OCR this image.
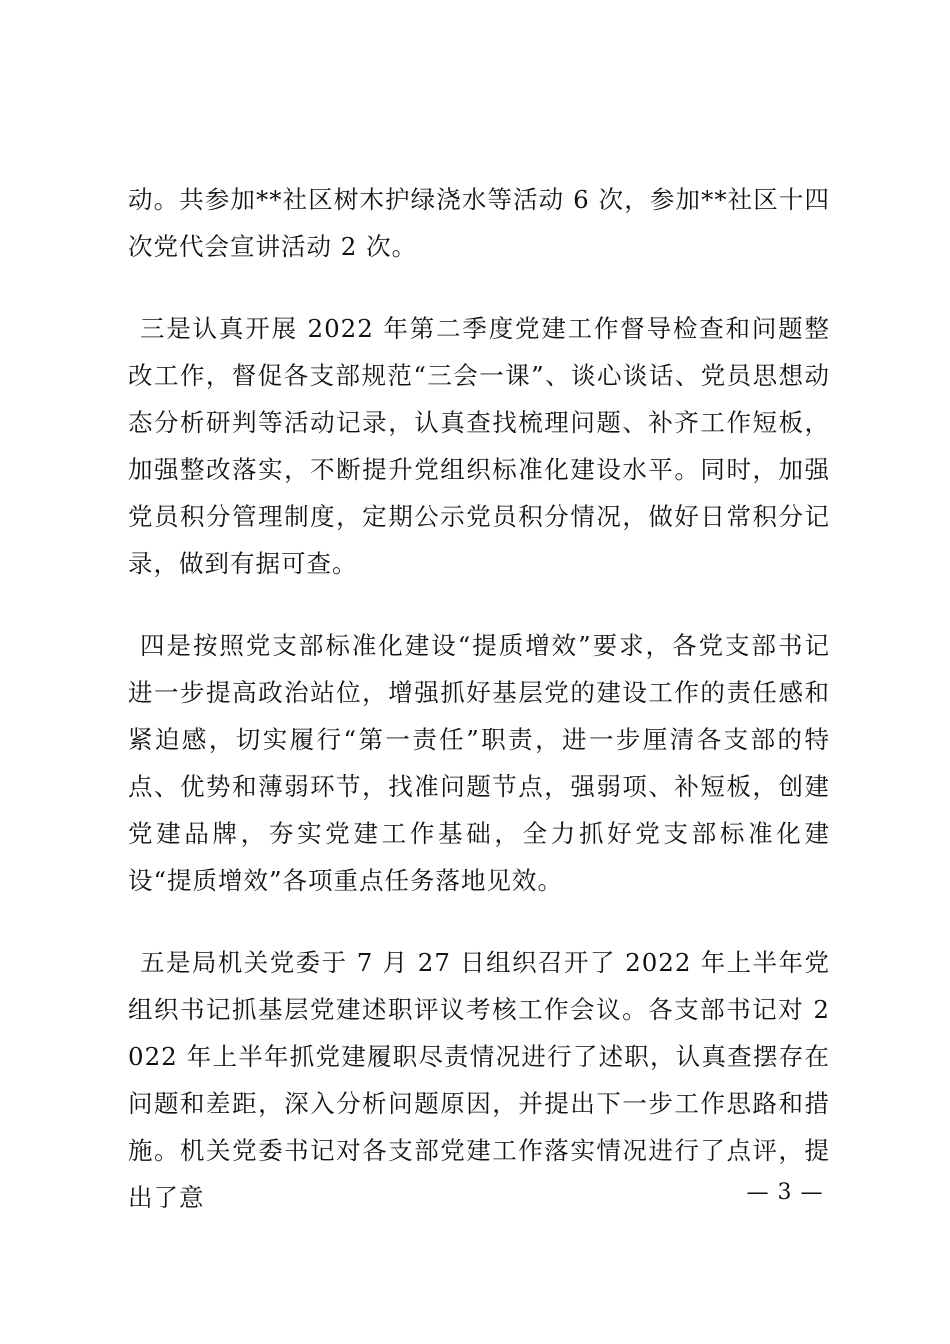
动。共参加**社区树木护绿浇水等活动 6 次，参加**社区十四次党代会宣讲活动 2 次。

三是认真开展 2022 年第二季度党建工作督导检查和问题整改工作，督促各支部规范“三会一课”、谈心谈话、党员思想动态分析研判等活动记录，认真查找梳理问题、补齐工作短板，加强整改落实，不断提升党组织标准化建设水平。同时，加强党员积分管理制度，定期公示党员积分情况，做好日常积分记录，做到有据可查。

四是按照党支部标准化建设“提质增效”要求，各党支部书记进一步提高政治站位，增强抓好基层党的建设工作的责任感和紧迫感，切实履行“第一责任”职责，进一步厘清各支部的特点、优势和薄弱环节，找准问题节点，强弱项、补短板，创建党建品牌，夯实党建工作基础，全力抓好党支部标准化建设“提质增效”各项重点任务落地见效。

五是局机关党委于 7 月 27 日组织召开了 2022 年上半年党组织书记抓基层党建述职评议考核工作会议。各支部书记对 2022 年上半年抓党建履职尽责情况进行了述职，认真查摆存在问题和差距，深入分析问题原因，并提出下一步工作思路和措施。机关党委书记对各支部党建工作落实情况进行了点评，提出了意	— 3 —
